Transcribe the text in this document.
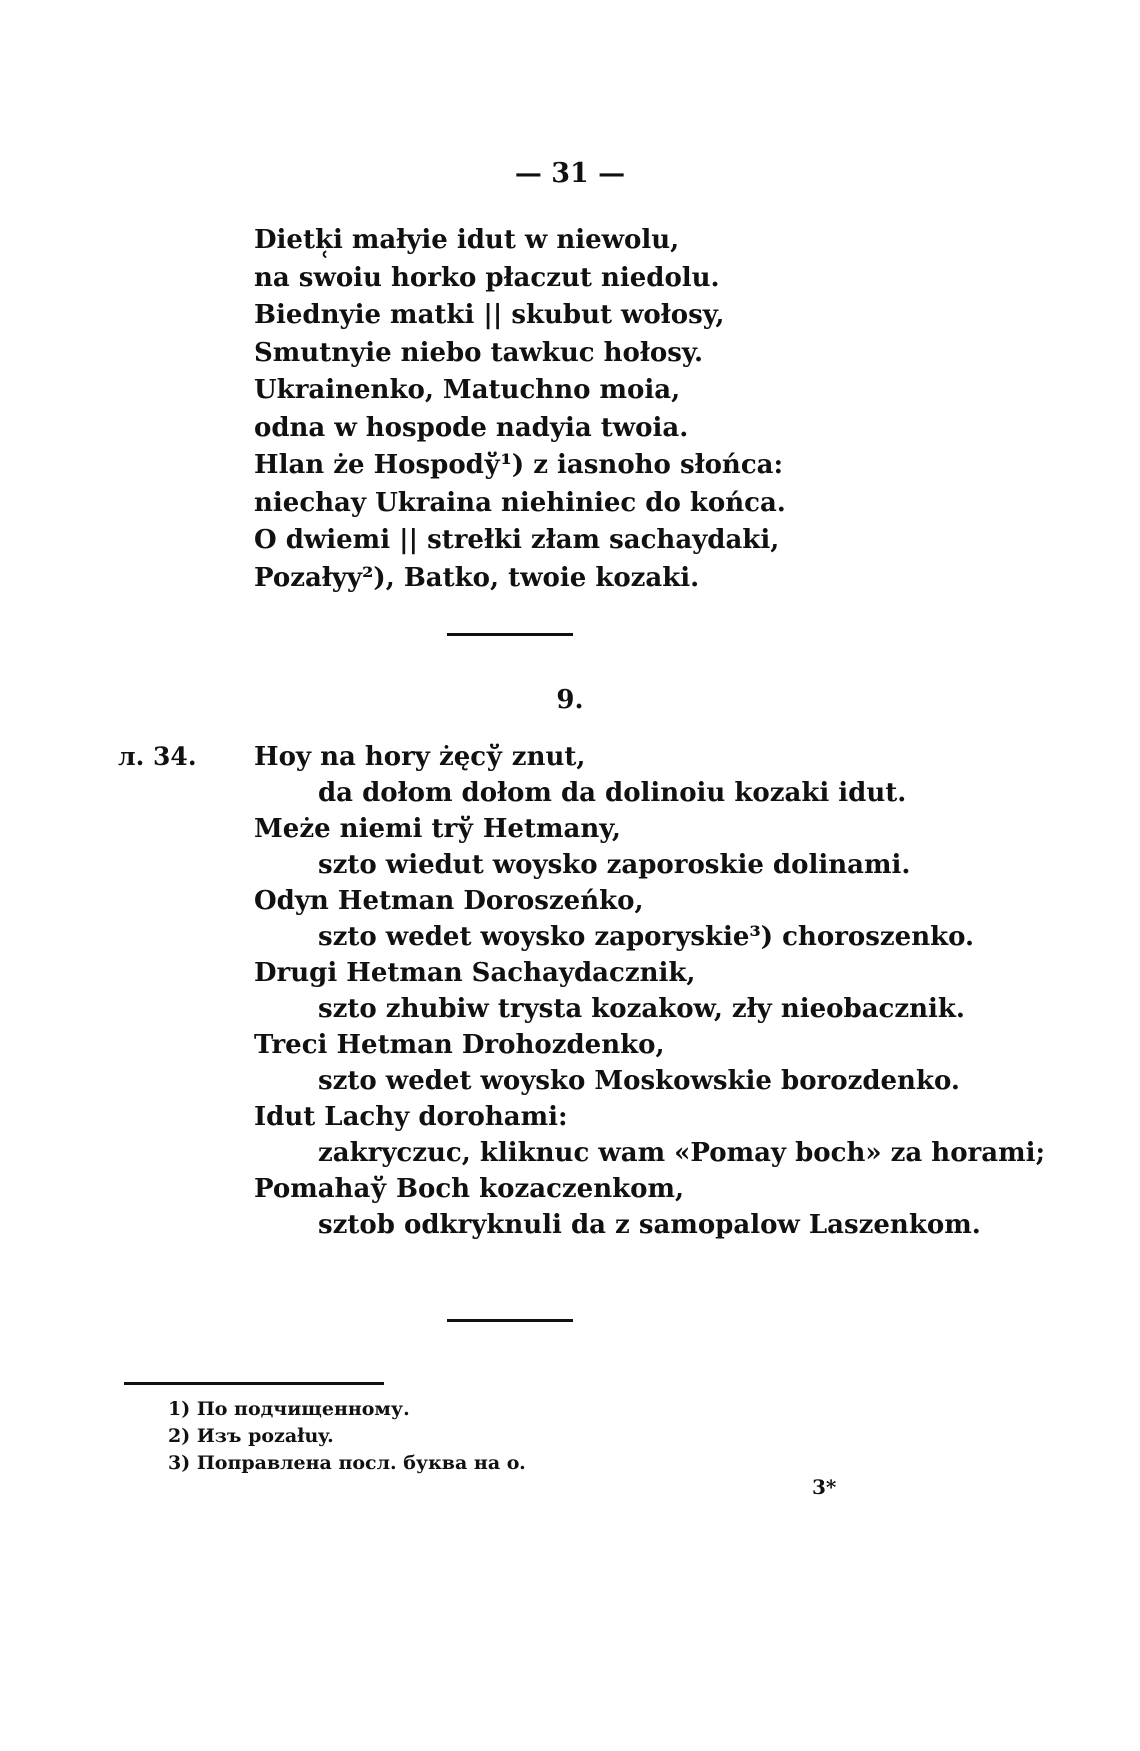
— 31 —
Dietk̜i małyie idut w niewolu,
na swoiu horko płaczut niedolu.
Biednyie matki || skubut wołosy,
Smutnyie niebo tawkuc hołosy.
Ukrainenko, Matuchno moia,
odna w hospode nadyia twoia.
Hlan że Hospodў¹) z iasnoho słońca:
niechay Ukraina niehiniec do końca.
O dwiemi || strełki złam sachaydaki,
Pozałyy²), Batko, twoie kozaki.
9.
л. 34. Hoy na hory żęcў znut,
da dołom dołom da dolinoiu kozaki idut.
Meże niemi trў Hetmany,
szto wiedut woysko zaporoskie dolinami.
Odyn Hetman Doroszeńko,
szto wedet woysko zaporyskie³) choroszenko.
Drugi Hetman Sachaydacznik,
szto zhubiw trysta kozakow, zły nieobacznik.
Treci Hetman Drohozdenko,
szto wedet woysko Moskowskie borozdenko.
Idut Lachy dorohami:
zakryczuc, kliknuc wam «Pomay boch» za horami;
Pomahaў Boch kozaczenkom,
sztob odkryknuli da z samopalow Laszenkom.
1) По подчищенному.
2) Изъ pozałuy.
3) Поправлена посл. буква на o.
3*
